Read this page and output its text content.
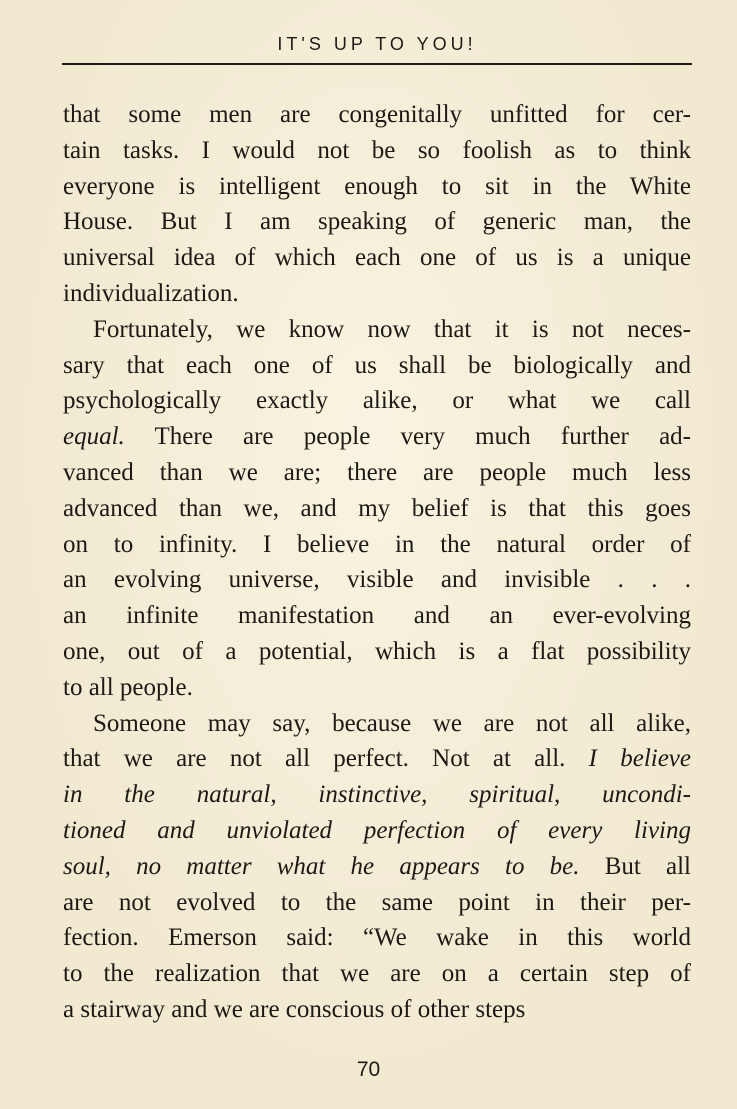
IT'S UP TO YOU!
that some men are congenitally unfitted for cer-
tain tasks. I would not be so foolish as to think
everyone is intelligent enough to sit in the White
House. But I am speaking of generic man, the
universal idea of which each one of us is a unique
individualization.
Fortunately, we know now that it is not neces-
sary that each one of us shall be biologically and
psychologically exactly alike, or what we call
equal. There are people very much further ad-
vanced than we are; there are people much less
advanced than we, and my belief is that this goes
on to infinity. I believe in the natural order of
an evolving universe, visible and invisible . . .
an infinite manifestation and an ever-evolving
one, out of a potential, which is a flat possibility
to all people.
Someone may say, because we are not all alike,
that we are not all perfect. Not at all. I believe
in the natural, instinctive, spiritual, uncondi-
tioned and unviolated perfection of every living
soul, no matter what he appears to be. But all
are not evolved to the same point in their per-
fection. Emerson said: “We wake in this world
to the realization that we are on a certain step of
a stairway and we are conscious of other steps
70
